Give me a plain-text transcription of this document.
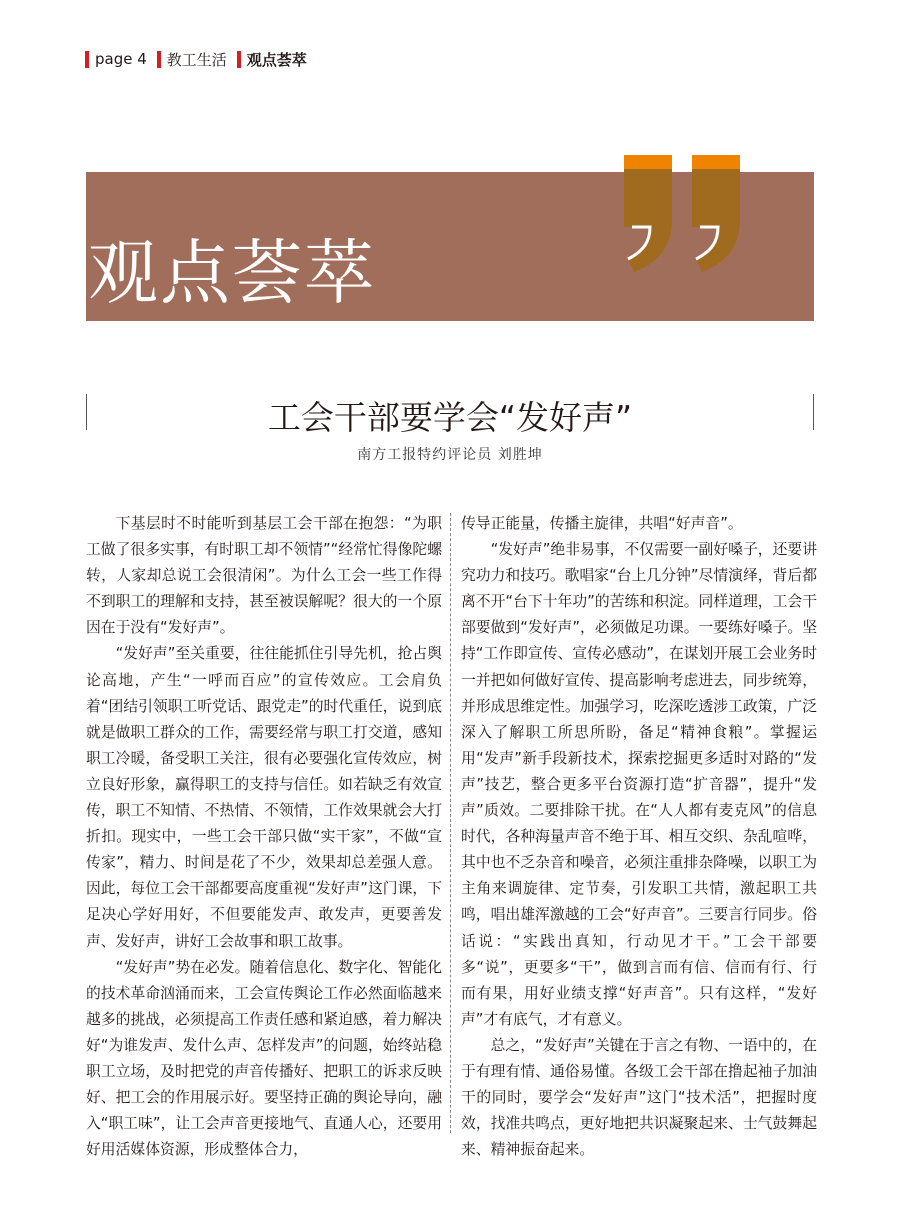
page 4 教工生活 观点荟萃
观点荟萃
工会干部要学会“发好声”
南方工报特约评论员 刘胜坤

下基层时不时能听到基层工会干部在抱怨：“为职工做了很多实事，有时职工却不领情”“经常忙得像陀螺转，人家却总说工会很清闲”。为什么工会一些工作得不到职工的理解和支持，甚至被误解呢？很大的一个原因在于没有“发好声”。

“发好声”至关重要，往往能抓住引导先机，抢占舆论高地，产生“一呼而百应”的宣传效应。工会肩负着“团结引领职工听党话、跟党走”的时代重任，说到底就是做职工群众的工作，需要经常与职工打交道，感知职工冷暖，备受职工关注，很有必要强化宣传效应，树立良好形象，赢得职工的支持与信任。如若缺乏有效宣传，职工不知情、不热情、不领情，工作效果就会大打折扣。现实中，一些工会干部只做“实干家”，不做“宣传家”，精力、时间是花了不少，效果却总差强人意。因此，每位工会干部都要高度重视“发好声”这门课，下足决心学好用好，不但要能发声、敢发声，更要善发声、发好声，讲好工会故事和职工故事。

“发好声”势在必发。随着信息化、数字化、智能化的技术革命汹涌而来，工会宣传舆论工作必然面临越来越多的挑战，必须提高工作责任感和紧迫感，着力解决好“为谁发声、发什么声、怎样发声”的问题，始终站稳职工立场，及时把党的声音传播好、把职工的诉求反映好、把工会的作用展示好。要坚持正确的舆论导向，融入“职工味”，让工会声音更接地气、直通人心，还要用好用活媒体资源，形成整体合力，

传导正能量，传播主旋律，共唱“好声音”。

“发好声”绝非易事，不仅需要一副好嗓子，还要讲究功力和技巧。歌唱家“台上几分钟”尽情演绎，背后都离不开“台下十年功”的苦练和积淀。同样道理，工会干部要做到“发好声”，必须做足功课。一要练好嗓子。坚持“工作即宣传、宣传必感动”，在谋划开展工会业务时一并把如何做好宣传、提高影响考虑进去，同步统筹，并形成思维定性。加强学习，吃深吃透涉工政策，广泛深入了解职工所思所盼，备足“精神食粮”。掌握运用“发声”新手段新技术，探索挖掘更多适时对路的“发声”技艺，整合更多平台资源打造“扩音器”，提升“发声”质效。二要排除干扰。在“人人都有麦克风”的信息时代，各种海量声音不绝于耳、相互交织、杂乱喧哗，其中也不乏杂音和噪音，必须注重排杂降噪，以职工为主角来调旋律、定节奏，引发职工共情，激起职工共鸣，唱出雄浑激越的工会“好声音”。三要言行同步。俗话说：“实践出真知，行动见才干。”工会干部要多“说”，更要多“干”，做到言而有信、信而有行、行而有果，用好业绩支撑“好声音”。只有这样，“发好声”才有底气，才有意义。

总之，“发好声”关键在于言之有物、一语中的，在于有理有情、通俗易懂。各级工会干部在撸起袖子加油干的同时，要学会“发好声”这门“技术活”，把握时度效，找准共鸣点，更好地把共识凝聚起来、士气鼓舞起来、精神振奋起来。
